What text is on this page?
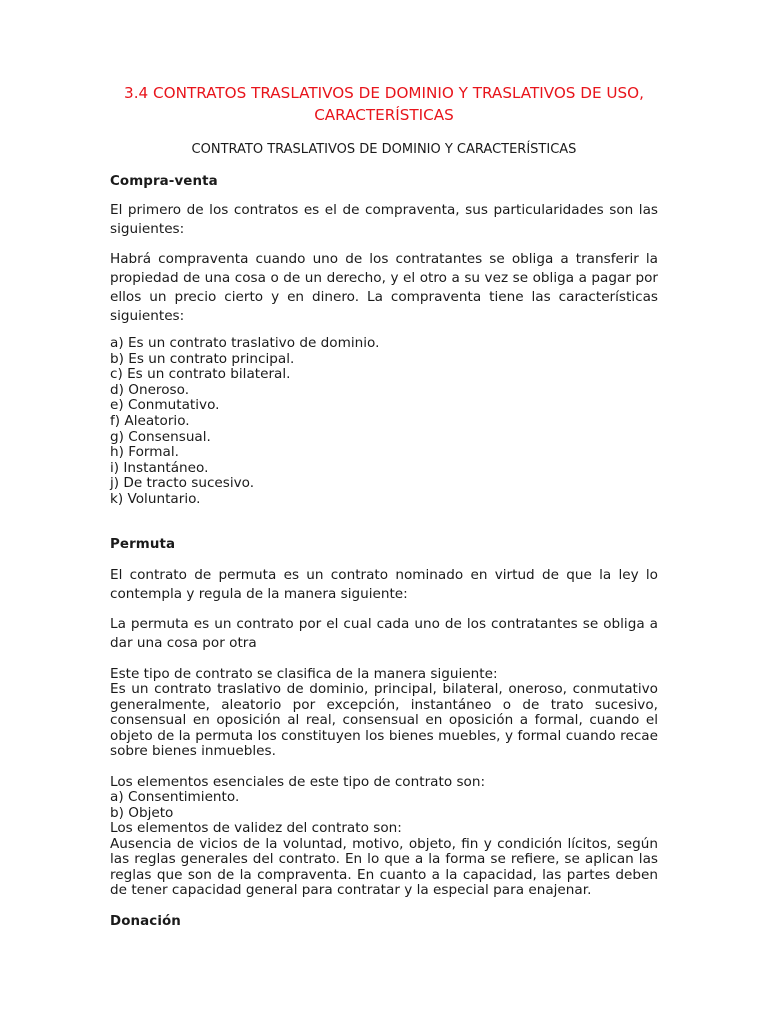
3.4 CONTRATOS TRASLATIVOS DE DOMINIO Y TRASLATIVOS DE USO, CARACTERÍSTICAS
CONTRATO TRASLATIVOS DE DOMINIO Y CARACTERÍSTICAS
Compra-venta

El primero de los contratos es el de compraventa, sus particularidades son las siguientes:

Habrá compraventa cuando uno de los contratantes se obliga a transferir la propiedad de una cosa o de un derecho, y el otro a su vez se obliga a pagar por ellos un precio cierto y en dinero. La compraventa tiene las características siguientes:

a) Es un contrato traslativo de dominio.
b) Es un contrato principal.
c) Es un contrato bilateral.
d) Oneroso.
e) Conmutativo.
f) Aleatorio.
g) Consensual.
h) Formal.
i) Instantáneo.
j) De tracto sucesivo.
k) Voluntario.
Permuta

El contrato de permuta es un contrato nominado en virtud de que la ley lo contempla y regula de la manera siguiente:

La permuta es un contrato por el cual cada uno de los contratantes se obliga a dar una cosa por otra

Este tipo de contrato se clasifica de la manera siguiente:
Es un contrato traslativo de dominio, principal, bilateral, oneroso, conmutativo generalmente, aleatorio por excepción, instantáneo o de trato sucesivo, consensual en oposición al real, consensual en oposición a formal, cuando el objeto de la permuta los constituyen los bienes muebles, y formal cuando recae sobre bienes inmuebles.
Los elementos esenciales de este tipo de contrato son:
a) Consentimiento.
b) Objeto
Los elementos de validez del contrato son:
Ausencia de vicios de la voluntad, motivo, objeto, fin y condición lícitos, según las reglas generales del contrato. En lo que a la forma se refiere, se aplican las reglas que son de la compraventa. En cuanto a la capacidad, las partes deben de tener capacidad general para contratar y la especial para enajenar.
Donación
